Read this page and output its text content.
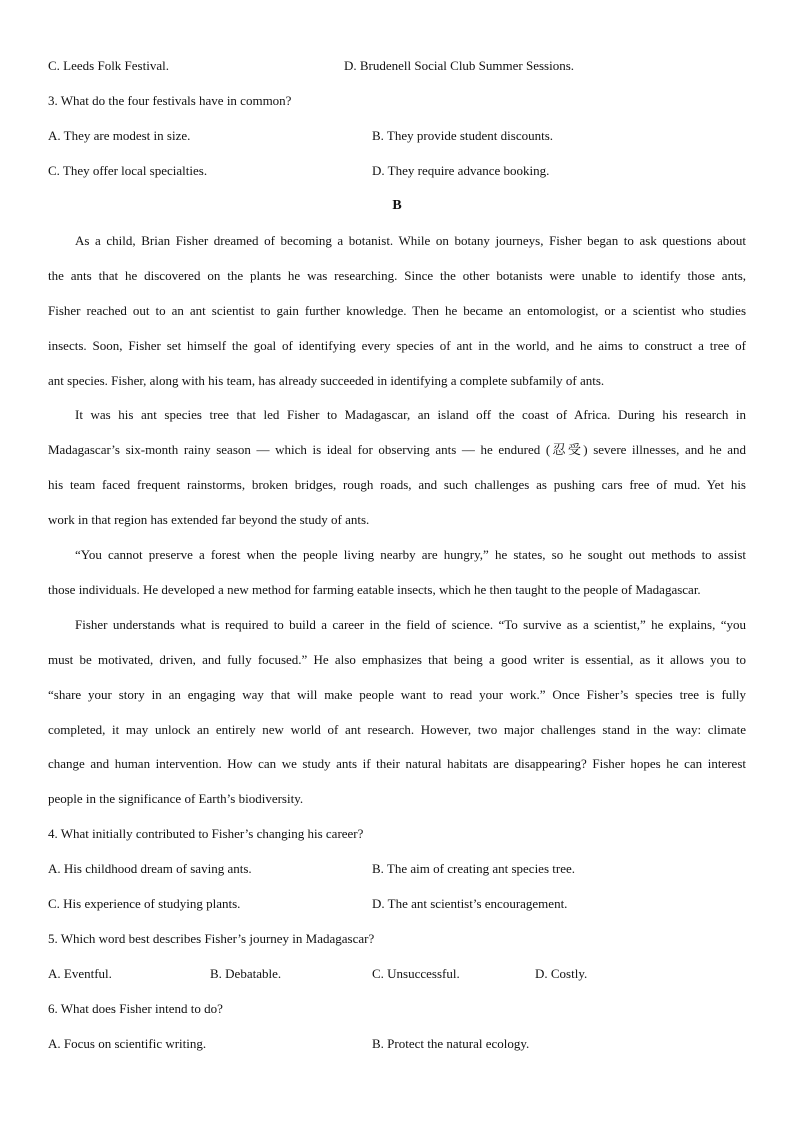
C. Leeds Folk Festival.	D. Brudenell Social Club Summer Sessions.
3. What do the four festivals have in common?
A. They are modest in size.	B. They provide student discounts.
C. They offer local specialties.	D. They require advance booking.
B
As a child, Brian Fisher dreamed of becoming a botanist. While on botany journeys, Fisher began to ask questions about
the ants that he discovered on the plants he was researching. Since the other botanists were unable to identify those ants,
Fisher reached out to an ant scientist to gain further knowledge. Then he became an entomologist, or a scientist who studies
insects. Soon, Fisher set himself the goal of identifying every species of ant in the world, and he aims to construct a tree of
ant species. Fisher, along with his team, has already succeeded in identifying a complete subfamily of ants.
It was his ant species tree that led Fisher to Madagascar, an island off the coast of Africa. During his research in
Madagascar’s six-month rainy season — which is ideal for observing ants — he endured (忍受) severe illnesses, and he and
his team faced frequent rainstorms, broken bridges, rough roads, and such challenges as pushing cars free of mud. Yet his
work in that region has extended far beyond the study of ants.
“You cannot preserve a forest when the people living nearby are hungry,” he states, so he sought out methods to assist
those individuals. He developed a new method for farming eatable insects, which he then taught to the people of Madagascar.
Fisher understands what is required to build a career in the field of science. “To survive as a scientist,” he explains, “you
must be motivated, driven, and fully focused.” He also emphasizes that being a good writer is essential, as it allows you to
“share your story in an engaging way that will make people want to read your work.” Once Fisher’s species tree is fully
completed, it may unlock an entirely new world of ant research. However, two major challenges stand in the way: climate
change and human intervention. How can we study ants if their natural habitats are disappearing? Fisher hopes he can interest
people in the significance of Earth’s biodiversity.
4. What initially contributed to Fisher’s changing his career?
A. His childhood dream of saving ants.	B. The aim of creating ant species tree.
C. His experience of studying plants.	D. The ant scientist’s encouragement.
5. Which word best describes Fisher’s journey in Madagascar?
A. Eventful.	B. Debatable.	C. Unsuccessful.	D. Costly.
6. What does Fisher intend to do?
A. Focus on scientific writing.	B. Protect the natural ecology.
